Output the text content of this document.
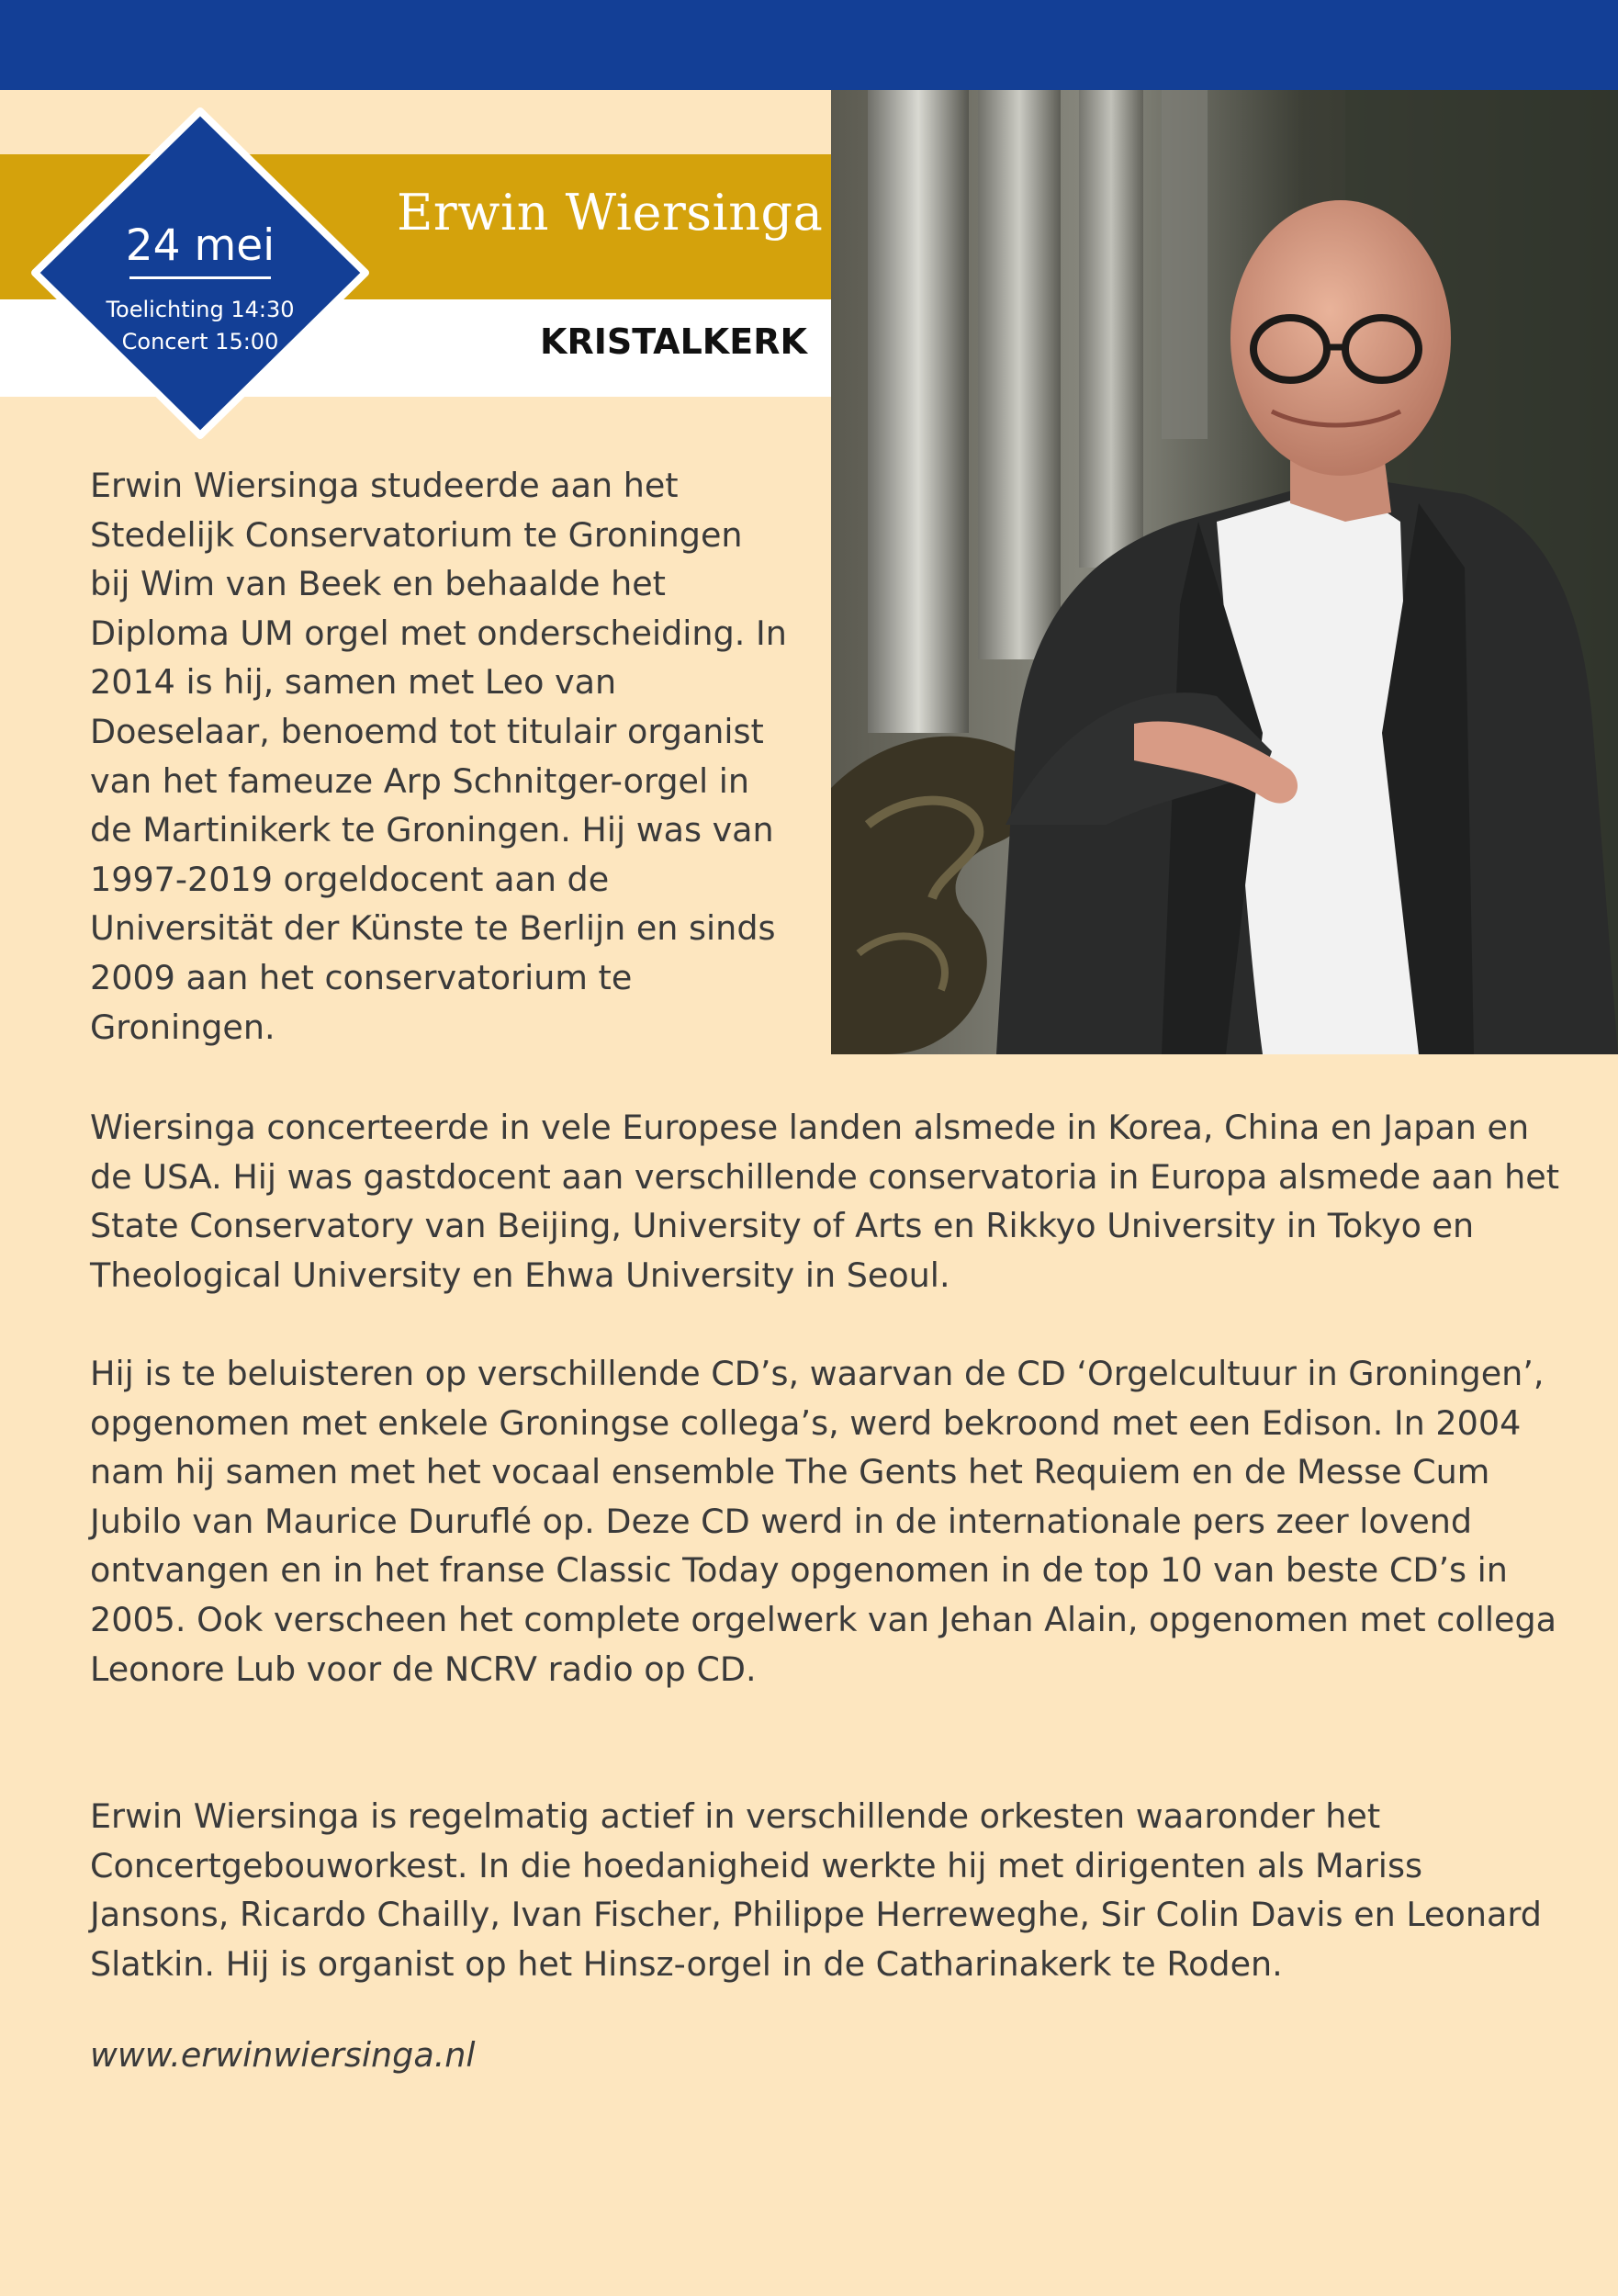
24 mei
Toelichting 14:30
Concert 15:00
Erwin Wiersinga
KRISTALKERK

Erwin Wiersinga studeerde aan het Stedelijk Conservatorium te Groningen bij Wim van Beek en behaalde het Diploma UM orgel met onderscheiding. In 2014 is hij, samen met Leo van Doeselaar, benoemd tot titulair organist van het fameuze Arp Schnitger-orgel in de Martinikerk te Groningen. Hij was van 1997-2019 orgeldocent aan de Universität der Künste te Berlijn en sinds 2009 aan het conservatorium te Groningen.

Wiersinga concerteerde in vele Europese landen alsmede in Korea, China en Japan en de USA. Hij was gastdocent aan verschillende conservatoria in Europa alsmede aan het State Conservatory van Beijing, University of Arts en Rikkyo University in Tokyo en Theological University en Ehwa University in Seoul.

Hij is te beluisteren op verschillende CD’s, waarvan de CD ‘Orgelcultuur in Groningen’, opgenomen met enkele Groningse collega’s, werd bekroond met een Edison. In 2004 nam hij samen met het vocaal ensemble The Gents het Requiem en de Messe Cum Jubilo van Maurice Duruflé op. Deze CD werd in de internationale pers zeer lovend ontvangen en in het franse Classic Today opgenomen in de top 10 van beste CD’s in 2005. Ook verscheen het complete orgelwerk van Jehan Alain, opgenomen met collega Leonore Lub voor de NCRV radio op CD.

Erwin Wiersinga is regelmatig actief in verschillende orkesten waaronder het Concertgebouworkest. In die hoedanigheid werkte hij met dirigenten als Mariss Jansons, Ricardo Chailly, Ivan Fischer, Philippe Herreweghe, Sir Colin Davis en Leonard Slatkin. Hij is organist op het Hinsz-orgel in de Catharinakerk te Roden.

www.erwinwiersinga.nl
